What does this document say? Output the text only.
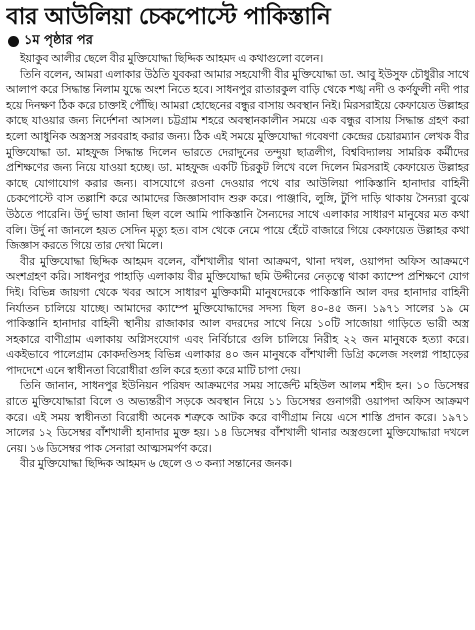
বার আউলিয়া চেকপোস্টে পাকিস্তানি
১ম পৃষ্ঠার পর

ইয়াকুব আলীর ছেলে বীর মুক্তিযোদ্ধা ছিদ্দিক আহমদ এ কথাগুলো বলেন।

তিনি বলেন, আমরা এলাকার উঠতি যুবকরা আমার সহযোগী বীর মুক্তিযোদ্ধা ডা. আবু ইউসুফ চৌধুরীর সাথে আলাপ করে সিদ্ধান্ত নিলাম যুদ্ধে অংশ নিতে হবে। সাধনপুর রাতারকুল বাড়ি থেকে শঙ্খ নদী ও কর্ণফুলী নদী পার হয়ে দিনক্ষণ ঠিক করে চাক্তাই পৌঁছি। আমরা হোছেনের বন্ধুর বাসায় অবস্থান নিই। মিরসরাইয়ে কেফায়েত উল্লাহর কাছে যাওয়ার জন্য নির্দেশনা আসল। চট্টগ্রাম শহরে অবস্থানকালীন সময়ে এক বন্ধুর বাসায় সিদ্ধান্ত গ্রহণ করা হলো আধুনিক অস্ত্রসস্ত্র সরবরাহ করার জন্য। ঠিক এই সময়ে মুক্তিযোদ্ধা গবেষণা কেন্দ্রের চেয়ারম্যান লেখক বীর মুক্তিযোদ্ধা ডা. মাহফুজ সিদ্ধান্ত দিলেন ভারতে দেরাদুনের তন্দুয়া ছাত্রলীগ, বিশ্ববিদ্যালয় সামরিক কর্মীদের প্রশিক্ষণের জন্য নিয়ে যাওয়া হচ্ছে। ডা. মাহফুজ একটি চিরকুট লিখে বলে দিলেন মিরসরাই কেফায়েত উল্লাহর কাছে যোগাযোগ করার জন্য। বাসযোগে রওনা দেওয়ার পথে বার আউলিয়া পাকিস্তানি হানাদার বাহিনী চেকপোস্টে বাস তল্লাশি করে আমাদের জিজ্ঞাসাবাদ শুরু করে। পাঞ্জাবি, লুঙ্গি, টুপি দাড়ি থাকায় সৈন্যরা বুঝে উঠতে পারেনি। উর্দু ভাষা জানা ছিল বলে আমি পাকিস্তানি সৈন্যদের সাথে এলাকার সাধারণ মানুষের মত কথা বলি। উর্দু না জানলে হয়ত সেদিন মৃত্যু হত। বাস থেকে নেমে পায়ে হেঁটে বাজারে গিয়ে কেফায়েত উল্লাহর কথা জিজ্ঞাস করতে গিয়ে তার দেখা মিলে।

বীর মুক্তিযোদ্ধা ছিদ্দিক আহমদ বলেন, বাঁশখালীর থানা আক্রমণ, থানা দখল, ওয়াপদা অফিস আক্রমণে অংশগ্রহণ করি। সাধনপুর পাহাড়ি এলাকায় বীর মুক্তিযোদ্ধা ছমি উদ্দীনের নেতৃত্বে থাকা ক্যাম্পে প্রশিক্ষণে যোগ দিই। বিভিন্ন জায়গা থেকে খবর আসে সাধারণ মুক্তিকামী মানুষদেরকে পাকিস্তানি আল বদর হানাদার বাহিনী নির্যাতন চালিয়ে যাচ্ছে। আমাদের ক্যাম্পে মুক্তিযোদ্ধাদের সদস্য ছিল ৪০-৪৫ জন। ১৯৭১ সালের ১৯ মে পাকিস্তানি হানাদার বাহিনী স্থানীয় রাজাকার আল বদরদের সাথে নিয়ে ১০টি সাজোয়া গাড়িতে ভারী অস্ত্র সহকারে বাণীগ্রাম এলাকায় অগ্নিসংযোগ এবং নির্বিচারে গুলি চালিয়ে নিরীহ ২২ জন মানুষকে হত্যা করে। একইভাবে পালেগ্রাম কোকদণ্ডিসহ বিভিন্ন এলাকার ৪০ জন মানুষকে বাঁশখালী ডিগ্রি কলেজ সংলগ্ন পাহাড়ের পাদদেশে এনে স্বাধীনতা বিরোধীরা গুলি করে হত্যা করে মাটি চাপা দেয়।

তিনি জানান, সাধনপুর ইউনিয়ন পরিষদ আক্রমণের সময় সার্জেন্ট মহিউল আলম শহীদ হন। ১০ ডিসেম্বর রাতে মুক্তিযোদ্ধারা বিলে ও অভ্যন্তরীণ সড়কে অবস্থান নিয়ে ১১ ডিসেম্বর গুনাগরী ওয়াপদা অফিস আক্রমণ করে। এই সময় স্বাধীনতা বিরোধী অনেক শত্রুকে আটক করে বাণীগ্রাম নিয়ে এসে শাস্তি প্রদান করে। ১৯৭১ সালের ১২ ডিসেম্বর বাঁশখালী হানাদার মুক্ত হয়। ১৪ ডিসেম্বর বাঁশখালী থানার অস্ত্রগুলো মুক্তিযোদ্ধারা দখলে নেয়। ১৬ ডিসেম্বর পাক সেনারা আত্মসমর্পণ করে।

বীর মুক্তিযোদ্ধা ছিদ্দিক আহমদ ৬ ছেলে ও ৩ কন্যা সন্তানের জনক।
